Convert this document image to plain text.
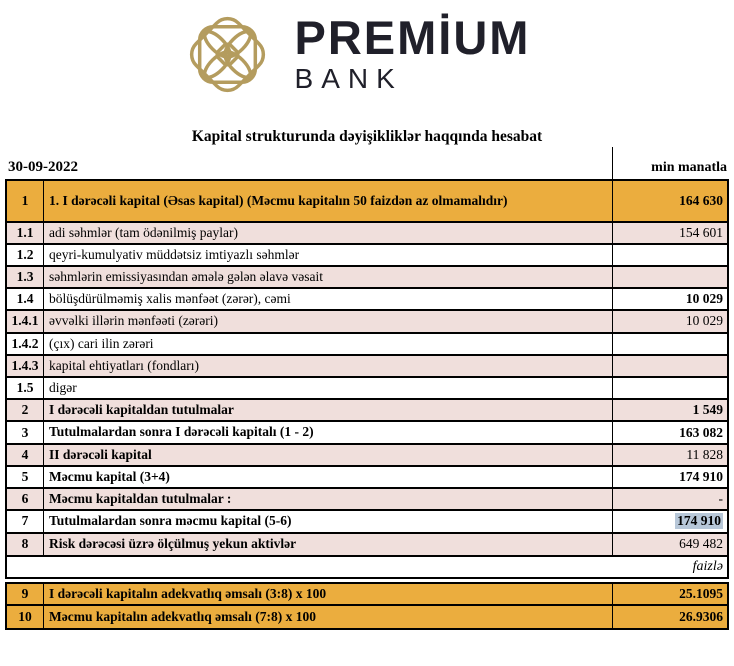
PREMİUM
BANK
Kapital strukturunda dəyişikliklər haqqında hesabat
30-09-2022	min manatla
1	1. I dərəcəli kapital (Əsas kapital) (Məcmu kapitalın 50 faizdən az olmamalıdır)	164 630
1.1	adi səhmlər (tam ödənilmiş paylar)	154 601
1.2	qeyri-kumulyativ müddətsiz imtiyazlı səhmlər
1.3	səhmlərin emissiyasından əmələ gələn əlavə vəsait
1.4	bölüşdürülməmiş xalis mənfəət (zərər), cəmi	10 029
1.4.1 əvvəlki illərin mənfəəti (zərəri)	10 029
1.4.2 (çıx) cari ilin zərəri
1.4.3 kapital ehtiyatları (fondları)
1.5	digər
2	I dərəcəli kapitaldan tutulmalar	1 549
3	Tutulmalardan sonra I dərəcəli kapitalı (1 - 2)	163 082
4	II dərəcəli kapital	11 828
5	Məcmu kapital (3+4)	174 910
6	Məcmu kapitaldan tutulmalar :	-
7	Tutulmalardan sonra məcmu kapital (5-6)	174 910
8	Risk dərəcəsi üzrə ölçülmuş yekun aktivlər	649 482
faizlə
9	I dərəcəli kapitalın adekvatlıq əmsalı (3:8) x 100	25.1095
10	Məcmu kapitalın adekvatlıq əmsalı (7:8) x 100	26.9306
